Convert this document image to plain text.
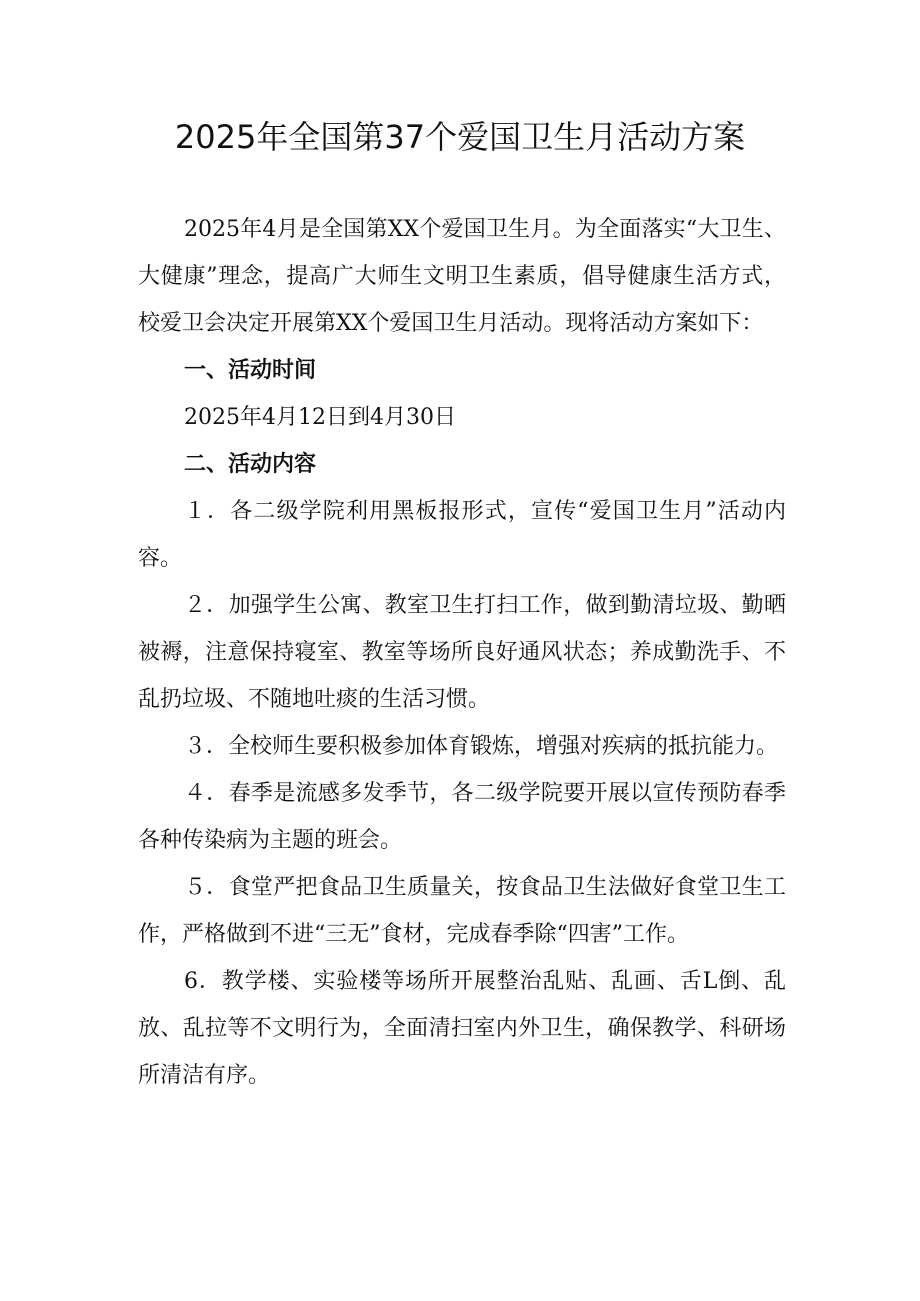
2025年全国第37个爱国卫生月活动方案

2025年4月是全国第XX个爱国卫生月。为全面落实“大卫生、大健康”理念，提高广大师生文明卫生素质，倡导健康生活方式，校爱卫会决定开展第XX个爱国卫生月活动。现将活动方案如下：

一、活动时间

2025年4月12日到4月30日

二、活动内容

１．各二级学院利用黑板报形式，宣传“爱国卫生月”活动内容。

２．加强学生公寓、教室卫生打扫工作，做到勤清垃圾、勤晒被褥，注意保持寝室、教室等场所良好通风状态；养成勤洗手、不乱扔垃圾、不随地吐痰的生活习惯。

３．全校师生要积极参加体育锻炼，增强对疾病的抵抗能力。

４．春季是流感多发季节，各二级学院要开展以宣传预防春季各种传染病为主题的班会。

５．食堂严把食品卫生质量关，按食品卫生法做好食堂卫生工作，严格做到不进“三无”食材，完成春季除“四害”工作。

6．教学楼、实验楼等场所开展整治乱贴、乱画、舌L倒、乱放、乱拉等不文明行为，全面清扫室内外卫生，确保教学、科研场所清洁有序。
